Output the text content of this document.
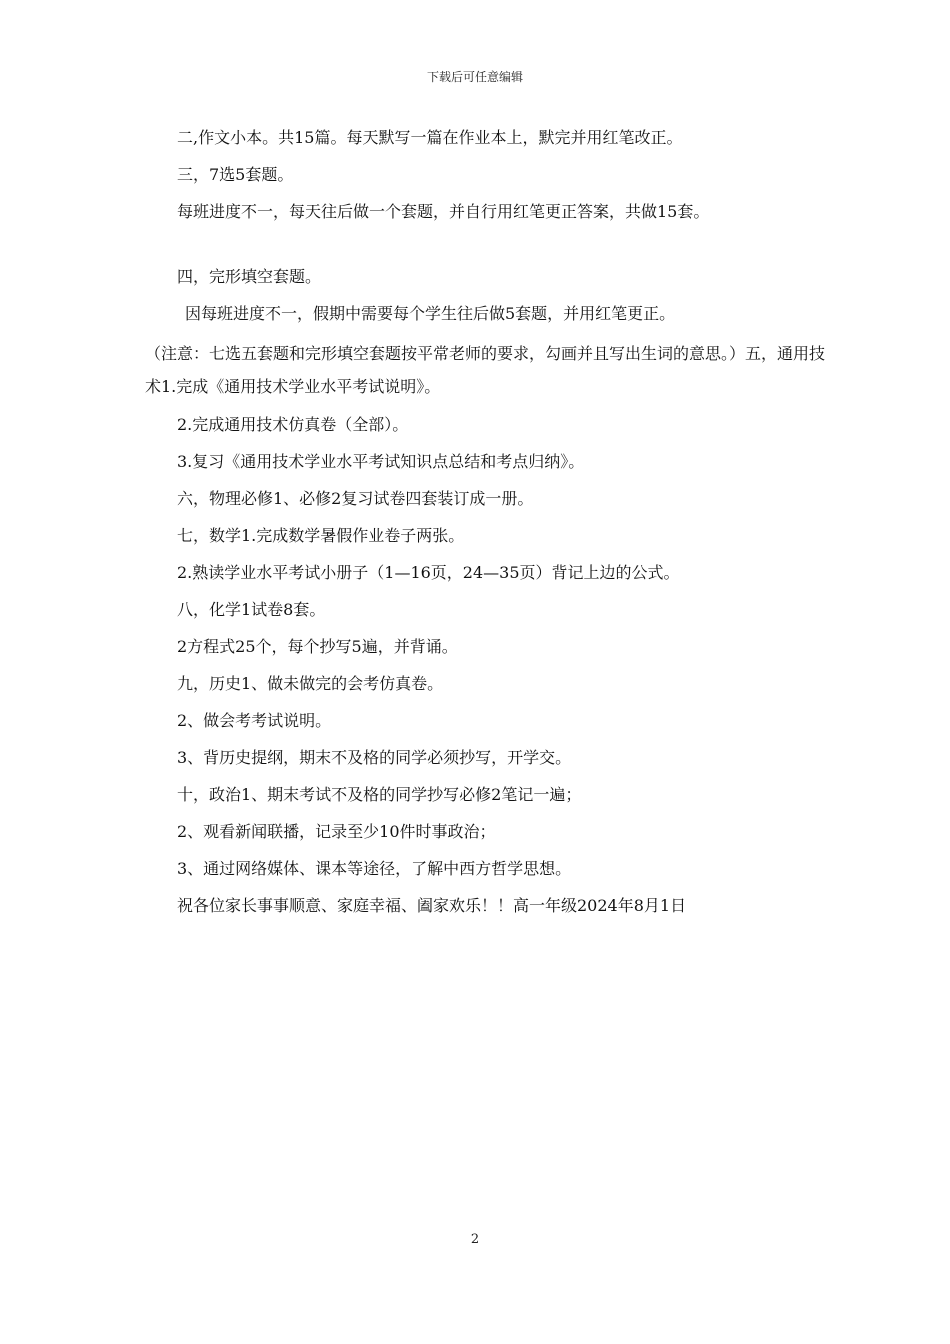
下载后可任意编辑
二,作文小本。共15篇。每天默写一篇在作业本上，默完并用红笔改正。
三，7选5套题。
每班进度不一，每天往后做一个套题，并自行用红笔更正答案，共做15套。
四，完形填空套题。
因每班进度不一，假期中需要每个学生往后做5套题，并用红笔更正。
（注意：七选五套题和完形填空套题按平常老师的要求，勾画并且写出生词的意思。）五，通用技术1.完成《通用技术学业水平考试说明》。
2.完成通用技术仿真卷（全部）。
3.复习《通用技术学业水平考试知识点总结和考点归纳》。
六，物理必修1、必修2复习试卷四套装订成一册。
七，数学1.完成数学暑假作业卷子两张。
2.熟读学业水平考试小册子（1—16页，24—35页）背记上边的公式。
八，化学1试卷8套。
2方程式25个，每个抄写5遍，并背诵。
九，历史1、做未做完的会考仿真卷。
2、做会考考试说明。
3、背历史提纲，期末不及格的同学必须抄写，开学交。
十，政治1、期末考试不及格的同学抄写必修2笔记一遍；
2、观看新闻联播，记录至少10件时事政治；
3、通过网络媒体、课本等途径，了解中西方哲学思想。
祝各位家长事事顺意、家庭幸福、阖家欢乐！！高一年级2024年8月1日
2
